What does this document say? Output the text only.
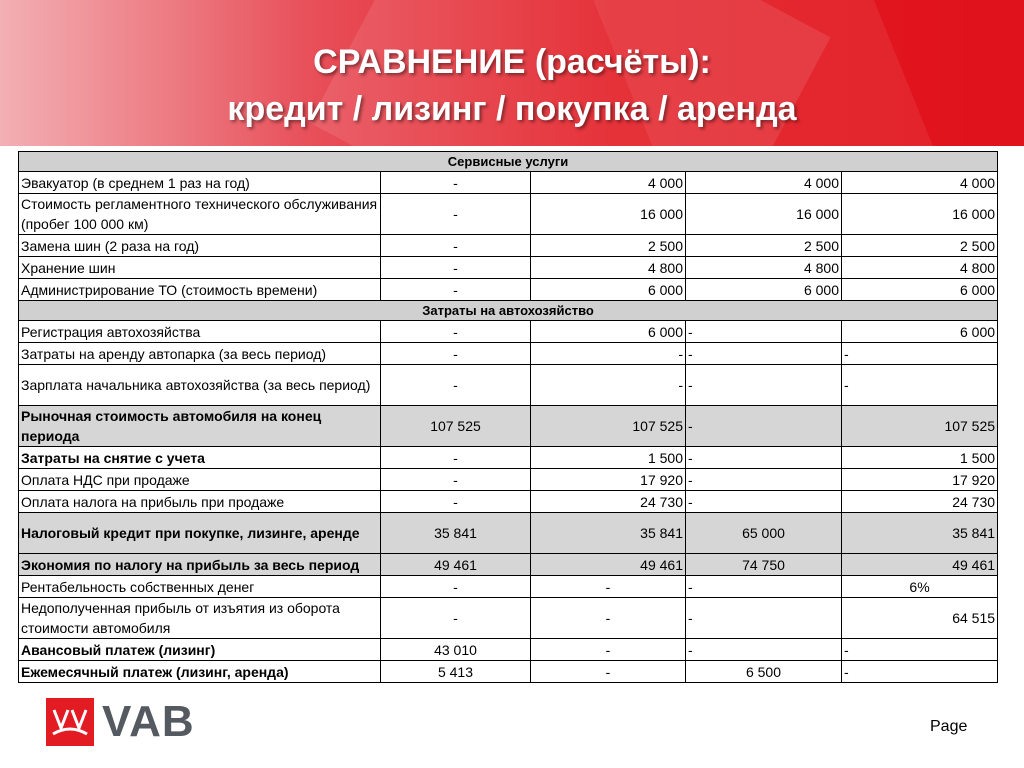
СРАВНЕНИЕ (расчёты):
кредит / лизинг / покупка / аренда
Сервисные услуги				
Эвакуатор (в среднем 1 раз на год)	-	4 000	4 000	4 000
Стоимость регламентного технического обслуживания (пробег 100 000 км)	-	16 000	16 000	16 000
Замена шин (2 раза на год)	-	2 500	2 500	2 500
Хранение шин	-	4 800	4 800	4 800
Администрирование ТО (стоимость времени)	-	6 000	6 000	6 000
Затраты на автохозяйство				
Регистрация автохозяйства	-	6 000	-	6 000
Затраты на аренду автопарка (за весь период)	-	-	-	-
Зарплата начальника автохозяйства (за весь период)	-	-	-	-
Рыночная стоимость автомобиля на конец периода	107 525	107 525	-	107 525
Затраты на снятие с учета	-	1 500	-	1 500
Оплата НДС при продаже	-	17 920	-	17 920
Оплата налога на прибыль при продаже	-	24 730	-	24 730
Налоговый кредит при покупке, лизинге, аренде	35 841	35 841	65 000	35 841
Экономия по налогу на прибыль за весь период	49 461	49 461	74 750	49 461
Рентабельность собственных денег	-	-	-	6%
Недополученная прибыль от изъятия из оборота стоимости автомобиля	-	-	-	64 515
Авансовый платеж (лизинг)	43 010	-	-	-
Ежемесячный платеж (лизинг, аренда)	5 413	-	6 500	-
VAB	Page
